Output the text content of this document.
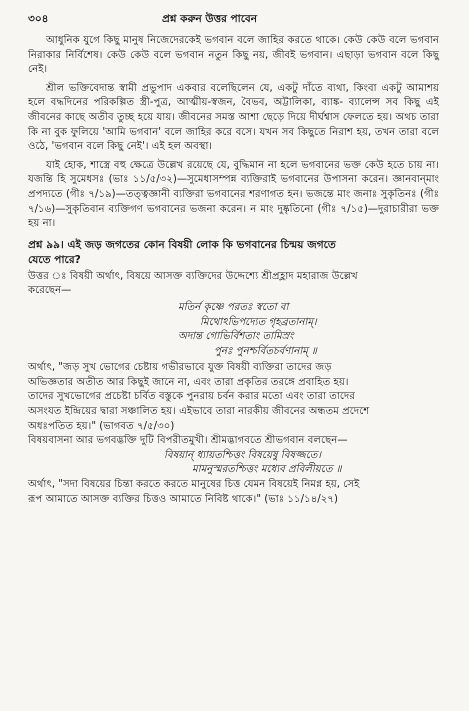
৩০৪	প্রশ্ন করুন উত্তর পাবেন
আধুনিক যুগে কিছু মানুষ নিজেদেরকেই ভগবান বলে জাহির করতে থাকে। কেউ কেউ বলে ভগবান নিরাকার নির্বিশেষ। কেউ কেউ বলে ভগবান নতুন কিছু নয়, জীবই ভগবান। এছাড়া ভগবান বলে কিছু নেই।
শ্রীল ভক্তিবেদান্ত স্বামী প্রভুপাদ একবার বলেছিলেন যে, একটু দাঁতে ব্যথা, কিংবা একটু আমাশয় হলে বদ্ধদিনের পরিকল্পিত স্ত্রী-পুত্র, আত্মীয়-স্বজন, বৈভব, অট্টালিকা, ব্যাঙ্ক- ব্যালেন্স সব কিছু এই জীবনের কাছে অতীব তুচ্ছ হয়ে যায়। জীবনের সমস্ত আশা ছেড়ে দিয়ে দীর্ঘশ্বাস ফেলতে হয়। অথচ তারা কি না বুক ফুলিয়ে 'আমি ভগবান' বলে জাহির করে বসে। যখন সব কিছুতে নিরাশ হয়, তখন তারা বলে ওঠে, 'ভগবান বলে কিছু নেই'। এই হল অবস্থা।
যাই হোক, শাস্ত্রে বহু ক্ষেত্রে উল্লেখ রয়েছে যে, বুদ্ধিমান না হলে ভগবানের ভক্ত কেউ হতে চায় না। যজন্তি হি সুমেধসঃ (ভাঃ ১১/৫/৩২)—সুমেধাসম্পন্ন ব্যক্তিরাই ভগবানের উপাসনা করেন। জ্ঞানবান্‌মাং প্রপদ্যতে (গীঃ ৭/১৯)—তত্ত্বজ্ঞানী ব্যক্তিরা ভগবানের শরণাগত হন। ভজন্তে মাং জনাঃ সুকৃতিনঃ (গীঃ ৭/১৬)—সুকৃতিবান ব্যক্তিগণ ভগবানের ভজনা করেন। ন মাং দুষ্কৃতিনো (গীঃ ৭/১৫)—দুরাচারীরা ভক্ত হয় না।
প্রশ্ন ৯৯। এই জড় জগতের কোন বিষয়ী লোক কি ভগবানের চিন্ময় জগতে
যেতে পারে?
উত্তর ঃ বিষয়ী অর্থাৎ, বিষয়ে আসক্ত ব্যক্তিদের উদ্দেশ্যে শ্রীপ্রহ্লাদ মহারাজ উল্লেখ
করেছেন—
মতির্ন কৃষ্ণে পরতঃ স্বতো বা
মিথোঽভিপদ্যেত গৃহব্রতানাম্‌।
অদান্ত গোভির্বিশতাং তামিস্রং
পুনঃ পুনশ্চর্বিতচর্বণানাম্‌ ॥
অর্থাৎ, "জড় সুখ ভোগের চেষ্টায় গভীরভাবে যুক্ত বিষয়ী ব্যক্তিরা তাদের জড়
অভিজ্ঞতার অতীত আর কিছুই জানে না, এবং তারা প্রকৃতির তরঙ্গে প্রবাহিত হয়।
তাদের সুখভোগের প্রচেষ্টা চর্বিত বস্তুকে পুনরায় চর্বন করার মতো এবং তারা তাদের
অসংযত ইন্দ্রিয়ের দ্বারা সঞ্চালিত হয়। এইভাবে তারা নারকীয় জীবনের অন্ধতম প্রদেশে
অধঃপতিত হয়।" (ভাগবত ৭/৫/৩০)
বিষয়বাসনা আর ভগবদ্ভক্তি দুটি বিপরীতমুখী। শ্রীমদ্ভাগবতে শ্রীভগবান বলছেন—
বিষয়ান্‌ ধ্যায়তশ্চিত্তং বিষয়েষু বিষজ্জতে।
মামনুস্মরতশ্চিত্তং মধ্যেব প্রবিলীয়তে ॥
অর্থাৎ, "সদা বিষয়ের চিন্তা করতে করতে মানুষের চিত্ত যেমন বিষয়েই নিমগ্ন হয়, সেই
রূপ আমাতে আসক্ত ব্যক্তির চিত্তও আমাতে নিবিষ্ট থাকে।" (ভাঃ ১১/১৪/২৭)
